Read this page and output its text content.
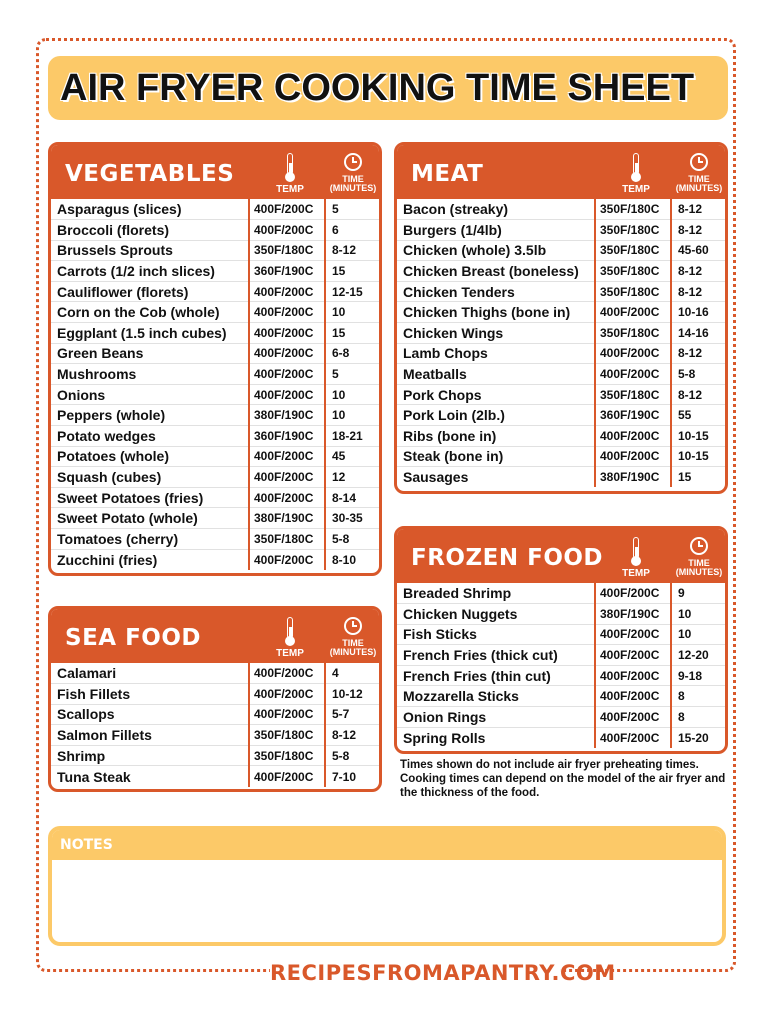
AIR FRYER COOKING TIME SHEET
VEGETABLES
TEMP
TIME
(MINUTES)
Asparagus (slices)	400F/200C	5
Broccoli (florets)	400F/200C	6
Brussels Sprouts	350F/180C	8-12
Carrots (1/2 inch slices)	360F/190C	15
Cauliflower (florets)	400F/200C	12-15
Corn on the Cob (whole)	400F/200C	10
Eggplant (1.5 inch cubes)	400F/200C	15
Green Beans	400F/200C	6-8
Mushrooms	400F/200C	5
Onions	400F/200C	10
Peppers (whole)	380F/190C	10
Potato wedges	360F/190C	18-21
Potatoes (whole)	400F/200C	45
Squash (cubes)	400F/200C	12
Sweet Potatoes (fries)	400F/200C	8-14
Sweet Potato (whole)	380F/190C	30-35
Tomatoes (cherry)	350F/180C	5-8
Zucchini (fries)	400F/200C	8-10
MEAT
TEMP
TIME
(MINUTES)
Bacon (streaky)	350F/180C	8-12
Burgers (1/4lb)	350F/180C	8-12
Chicken (whole) 3.5lb	350F/180C	45-60
Chicken Breast (boneless)	350F/180C	8-12
Chicken Tenders	350F/180C	8-12
Chicken Thighs (bone in)	400F/200C	10-16
Chicken Wings	350F/180C	14-16
Lamb Chops	400F/200C	8-12
Meatballs	400F/200C	5-8
Pork Chops	350F/180C	8-12
Pork Loin (2lb.)	360F/190C	55
Ribs (bone in)	400F/200C	10-15
Steak (bone in)	400F/200C	10-15
Sausages	380F/190C	15
SEA FOOD
TEMP
TIME
(MINUTES)
Calamari	400F/200C	4
Fish Fillets	400F/200C	10-12
Scallops	400F/200C	5-7
Salmon Fillets	350F/180C	8-12
Shrimp	350F/180C	5-8
Tuna Steak	400F/200C	7-10
FROZEN FOOD
TEMP
TIME
(MINUTES)
Breaded Shrimp	400F/200C	9
Chicken Nuggets	380F/190C	10
Fish Sticks	400F/200C	10
French Fries (thick cut)	400F/200C	12-20
French Fries (thin cut)	400F/200C	9-18
Mozzarella Sticks	400F/200C	8
Onion Rings	400F/200C	8
Spring Rolls	400F/200C	15-20
Times shown do not include air fryer preheating times. Cooking times can depend on the model of the air fryer and the thickness of the food.
NOTES
RECIPESFROMAPANTRY.COM
